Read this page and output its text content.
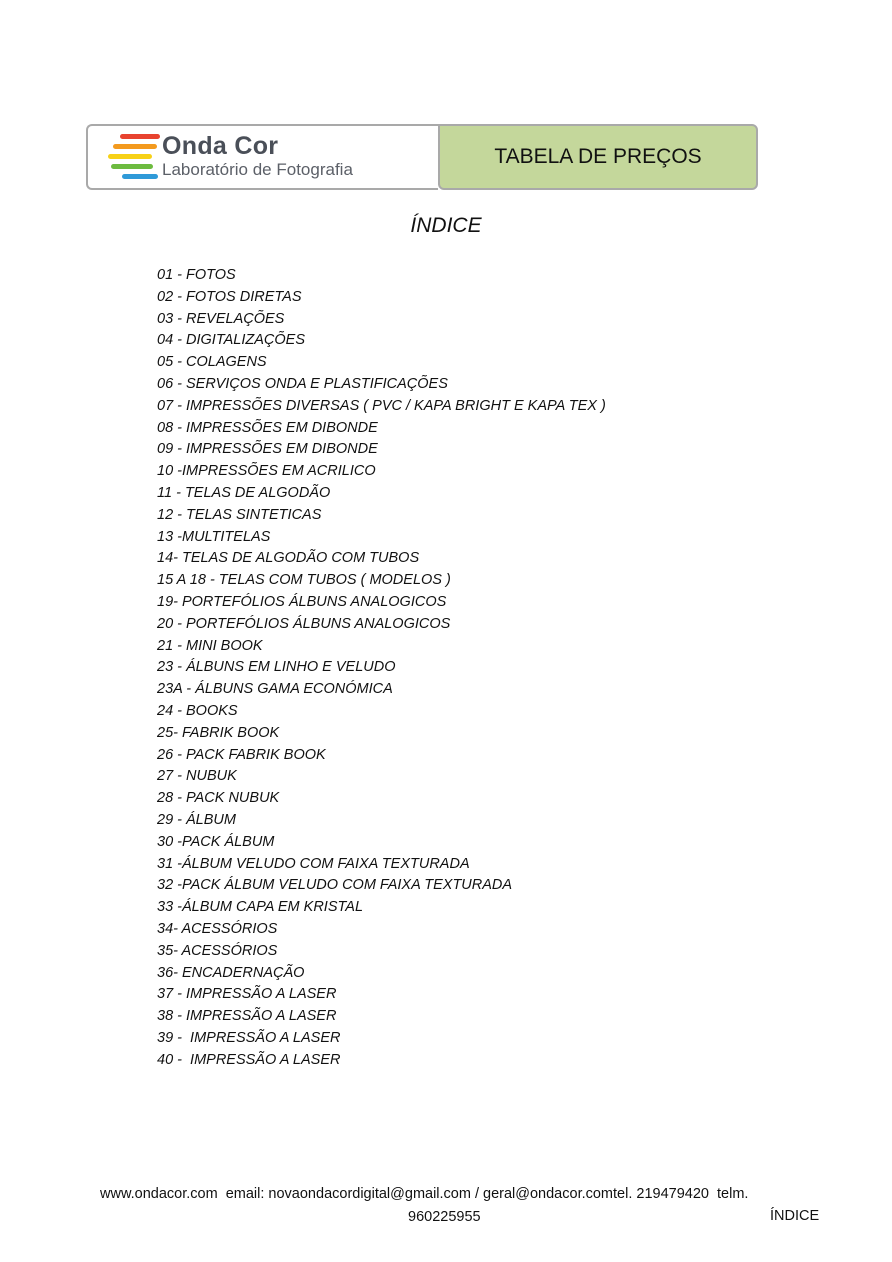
Onda Cor
Laboratório de Fotografia
TABELA DE PREÇOS
ÍNDICE
01 - FOTOS
02 - FOTOS DIRETAS
03 - REVELAÇÕES
04 - DIGITALIZAÇÕES
05 - COLAGENS
06 - SERVIÇOS ONDA E PLASTIFICAÇÕES
07 - IMPRESSÕES DIVERSAS ( PVC / KAPA BRIGHT E KAPA TEX )
08 - IMPRESSÕES EM DIBONDE
09 - IMPRESSÕES EM DIBONDE
10 -IMPRESSÕES EM ACRILICO
11 - TELAS DE ALGODÃO
12 - TELAS SINTETICAS
13 -MULTITELAS
14- TELAS DE ALGODÃO COM TUBOS
15 A 18 - TELAS COM TUBOS ( MODELOS )
19- PORTEFÓLIOS ÁLBUNS ANALOGICOS
20 - PORTEFÓLIOS ÁLBUNS ANALOGICOS
21 - MINI BOOK
23 - ÁLBUNS EM LINHO E VELUDO
23A - ÁLBUNS GAMA ECONÓMICA
24 - BOOKS
25- FABRIK BOOK
26 - PACK FABRIK BOOK
27 - NUBUK
28 - PACK NUBUK
29 - ÁLBUM
30 -PACK ÁLBUM
31 -ÁLBUM VELUDO COM FAIXA TEXTURADA
32 -PACK ÁLBUM VELUDO COM FAIXA TEXTURADA
33 -ÁLBUM CAPA EM KRISTAL
34- ACESSÓRIOS
35- ACESSÓRIOS
36- ENCADERNAÇÃO
37 - IMPRESSÃO A LASER
38 - IMPRESSÃO A LASER
39 -  IMPRESSÃO A LASER
40 -  IMPRESSÃO A LASER
www.ondacor.com  email: novaondacordigital@gmail.com / geral@ondacor.comtel. 219479420  telm.
960225955	ÍNDICE
